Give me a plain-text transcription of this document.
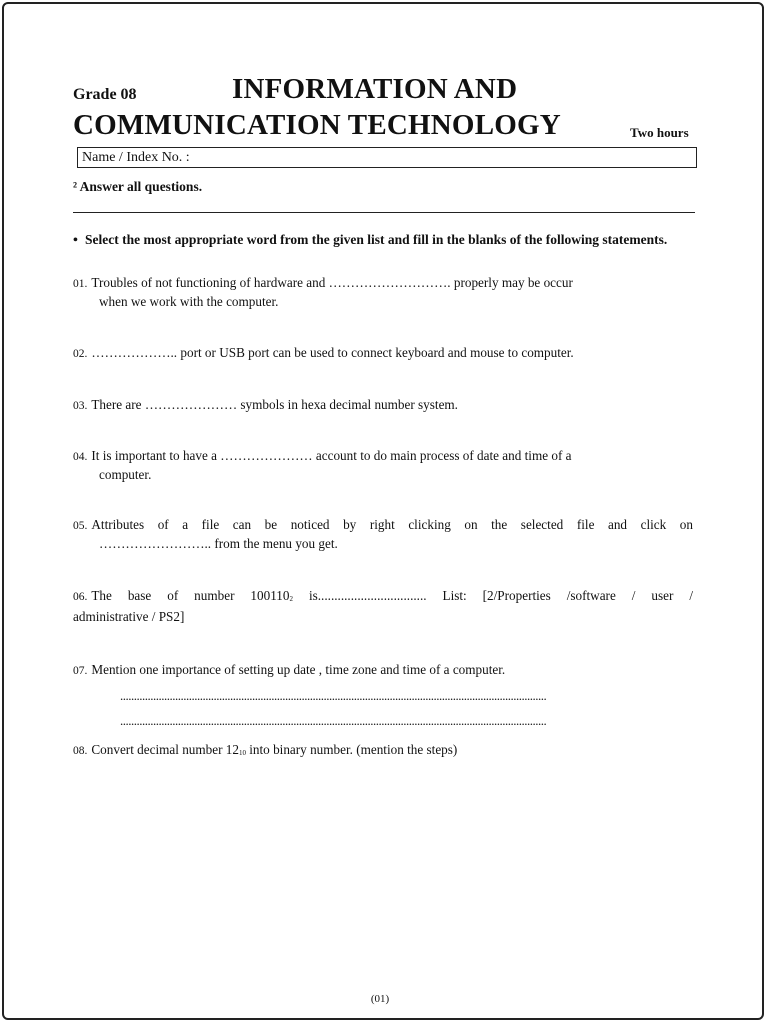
Grade 08	INFORMATION AND
COMMUNICATION TECHNOLOGY	Two hours
Name / Index No. :
² Answer all questions.
• Select the most appropriate word from the given list and fill in the blanks of the following statements.
01. Troubles of not functioning of hardware and ………………………. properly may be occur
when we work with the computer.
02. ……………….. port or USB port can be used to connect keyboard and mouse to computer.
03. There are ………………… symbols in hexa decimal number system.
04. It is important to have a ………………… account to do main process of date and time of a
computer.
05. Attributes of a file can be noticed by right clicking on the selected file and click on
…………………….. from the menu you get.
06. The base of number $100110_2$ is................................. List: [2/Properties /software / user /
administrative / PS2]
07. Mention one importance of setting up date , time zone and time of a computer.
...........................................................................................................................................................
...........................................................................................................................................................
08. Convert decimal number $12_{10}$ into binary number. (mention the steps)
(01)
